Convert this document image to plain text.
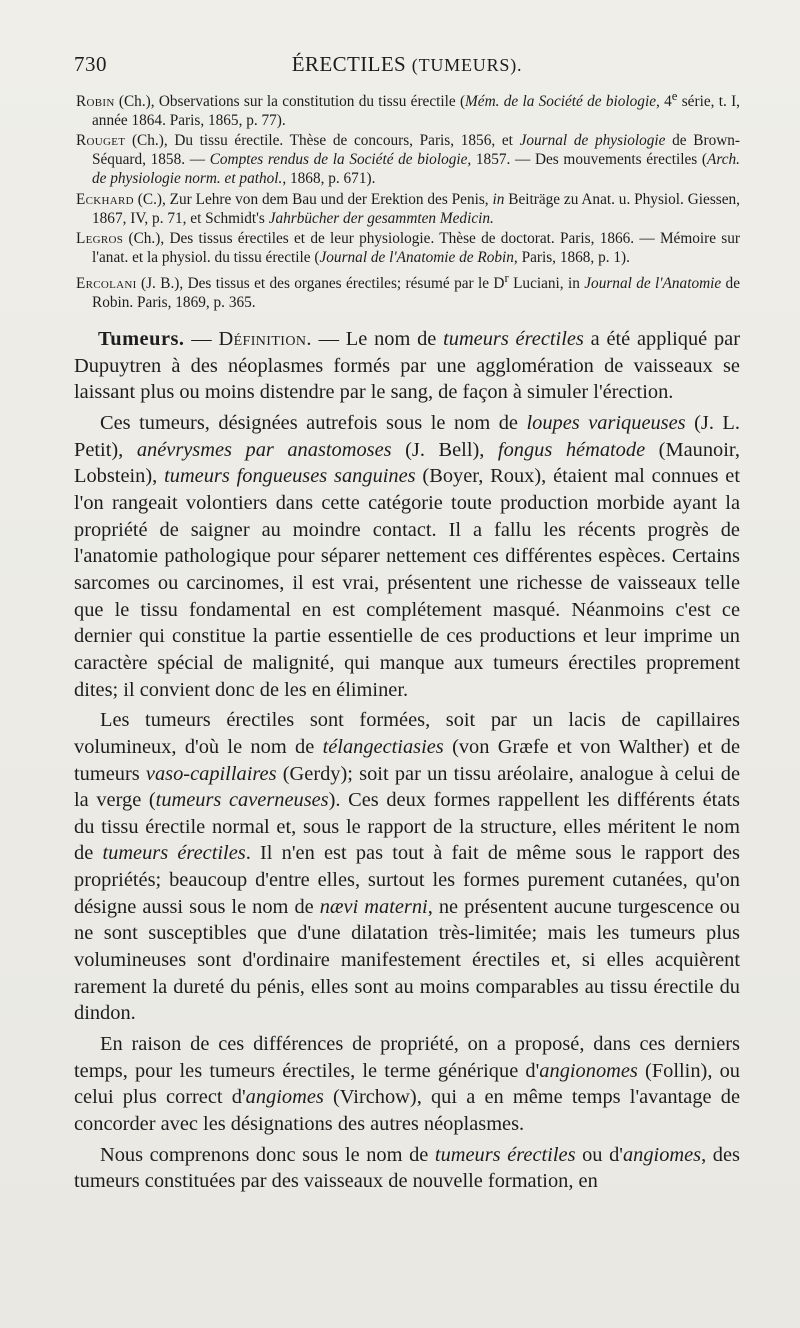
730	ÉRECTILES (TUMEURS).
Robin (Ch.), Observations sur la constitution du tissu érectile (Mém. de la Société de biologie, 4e série, t. I, année 1864. Paris, 1865, p. 77).
Rouget (Ch.), Du tissu érectile. Thèse de concours, Paris, 1856, et Journal de physiologie de Brown-Séquard, 1858. — Comptes rendus de la Société de biologie, 1857. — Des mouvements érectiles (Arch. de physiologie norm. et pathol., 1868, p. 671).
Eckhard (C.), Zur Lehre von dem Bau und der Erektion des Penis, in Beiträge zu Anat. u. Physiol. Giessen, 1867, IV, p. 71, et Schmidt's Jahrbücher der gesammten Medicin.
Legros (Ch.), Des tissus érectiles et de leur physiologie. Thèse de doctorat. Paris, 1866. — Mémoire sur l'anat. et la physiol. du tissu érectile (Journal de l'Anatomie de Robin, Paris, 1868, p. 1).
Ercolani (J. B.), Des tissus et des organes érectiles; résumé par le $D^r$ Luciani, in Journal de l'Anatomie de Robin. Paris, 1869, p. 365.

Tumeurs. — Définition. — Le nom de tumeurs érectiles a été appliqué par Dupuytren à des néoplasmes formés par une agglomération de vaisseaux se laissant plus ou moins distendre par le sang, de façon à simuler l'érection.

Ces tumeurs, désignées autrefois sous le nom de loupes variqueuses (J. L. Petit), anévrysmes par anastomoses (J. Bell), fongus hématode (Maunoir, Lobstein), tumeurs fongueuses sanguines (Boyer, Roux), étaient mal connues et l'on rangeait volontiers dans cette catégorie toute production morbide ayant la propriété de saigner au moindre contact. Il a fallu les récents progrès de l'anatomie pathologique pour séparer nettement ces différentes espèces. Certains sarcomes ou carcinomes, il est vrai, présentent une richesse de vaisseaux telle que le tissu fondamental en est complétement masqué. Néanmoins c'est ce dernier qui constitue la partie essentielle de ces productions et leur imprime un caractère spécial de malignité, qui manque aux tumeurs érectiles proprement dites; il convient donc de les en éliminer.

Les tumeurs érectiles sont formées, soit par un lacis de capillaires volumineux, d'où le nom de télangectiasies (von Græfe et von Walther) et de tumeurs vaso-capillaires (Gerdy); soit par un tissu aréolaire, analogue à celui de la verge (tumeurs caverneuses). Ces deux formes rappellent les différents états du tissu érectile normal et, sous le rapport de la structure, elles méritent le nom de tumeurs érectiles. Il n'en est pas tout à fait de même sous le rapport des propriétés; beaucoup d'entre elles, surtout les formes purement cutanées, qu'on désigne aussi sous le nom de nævi materni, ne présentent aucune turgescence ou ne sont susceptibles que d'une dilatation très-limitée; mais les tumeurs plus volumineuses sont d'ordinaire manifestement érectiles et, si elles acquièrent rarement la dureté du pénis, elles sont au moins comparables au tissu érectile du dindon.

En raison de ces différences de propriété, on a proposé, dans ces derniers temps, pour les tumeurs érectiles, le terme générique d'angionomes (Follin), ou celui plus correct d'angiomes (Virchow), qui a en même temps l'avantage de concorder avec les désignations des autres néoplasmes.

Nous comprenons donc sous le nom de tumeurs érectiles ou d'angiomes, des tumeurs constituées par des vaisseaux de nouvelle formation, en
